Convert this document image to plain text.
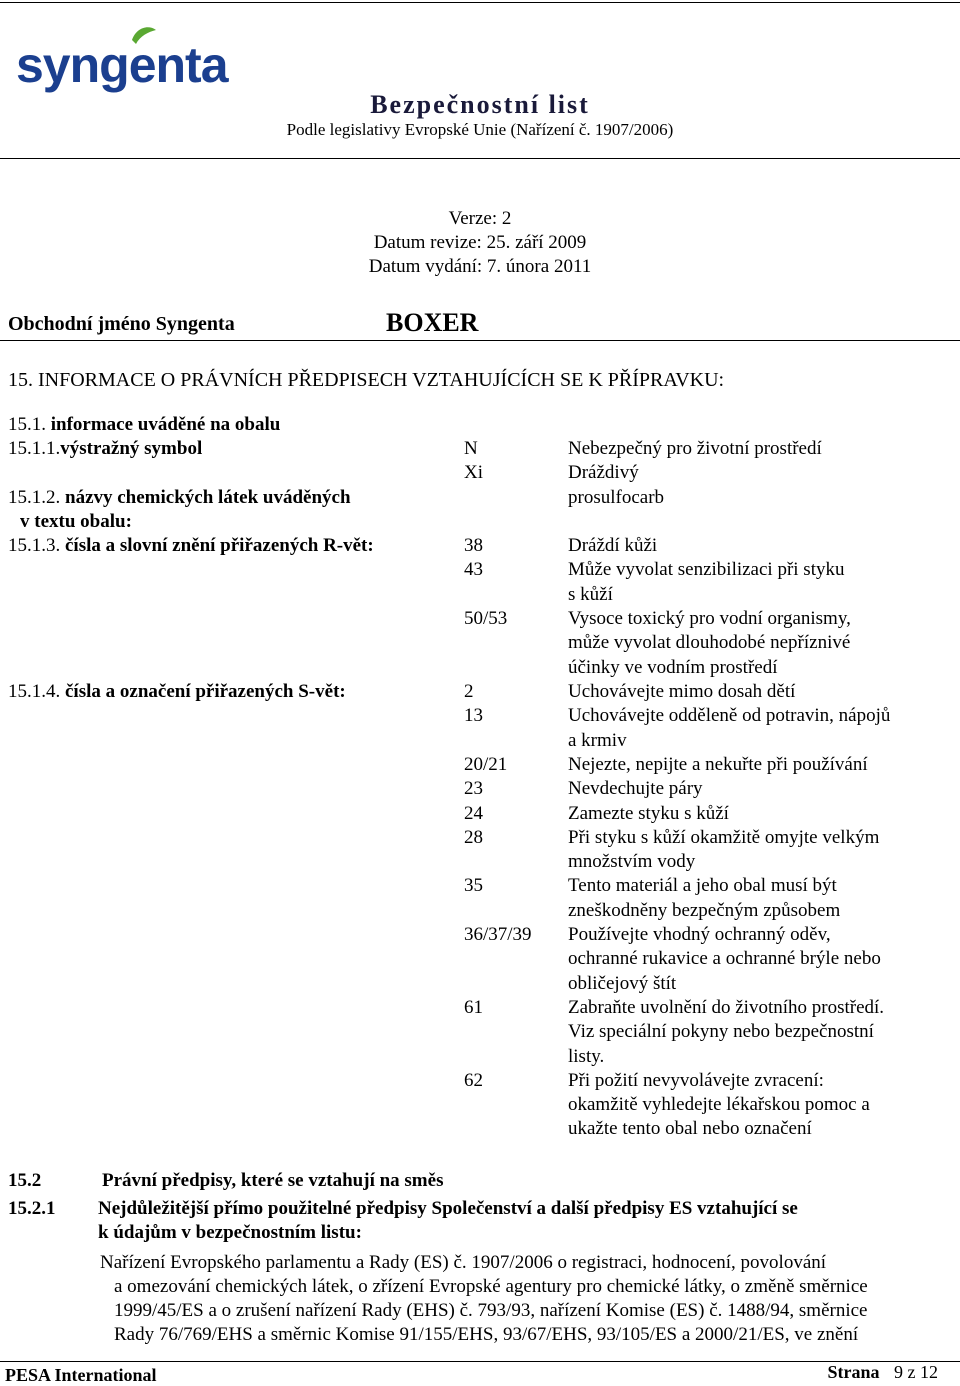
syngenta
Bezpečnostní list
Podle legislativy Evropské Unie (Nařízení č. 1907/2006)
Verze: 2
Datum revize: 25. září 2009
Datum vydání: 7. února 2011
Obchodní jméno Syngenta	BOXER
15. INFORMACE O PRÁVNÍCH PŘEDPISECH VZTAHUJÍCÍCH SE K PŘÍPRAVKU:
15.1. informace uváděné na obalu
15.1.1.výstražný symbol	N	Nebezpečný pro životní prostředí
Xi	Dráždivý
15.1.2. názvy chemických látek uváděných
v textu obalu:
prosulfocarb
15.1.3. čísla a slovní znění přiřazených R-vět:	38	Dráždí kůži
43	Může vyvolat senzibilizaci při styku
s kůží
50/53	Vysoce toxický pro vodní organismy,
může vyvolat dlouhodobé nepříznivé
účinky ve vodním prostředí
15.1.4. čísla a označení přiřazených S-vět:	2	Uchovávejte mimo dosah dětí
13	Uchovávejte odděleně od potravin, nápojů
a krmiv
20/21	Nejezte, nepijte a nekuřte při používání
23	Nevdechujte páry
24	Zamezte styku s kůží
28	Při styku s kůží okamžitě omyjte velkým
množstvím vody
35	Tento materiál a jeho obal musí být
zneškodněny bezpečným způsobem
36/37/39 Používejte vhodný ochranný oděv,
ochranné rukavice a ochranné brýle nebo
obličejový štít
61	Zabraňte uvolnění do životního prostředí.
Viz speciální pokyny nebo bezpečnostní
listy.
62	Při požití nevyvolávejte zvracení:
okamžitě vyhledejte lékařskou pomoc a
ukažte tento obal nebo označení
15.2	Právní předpisy, které se vztahují na směs
15.2.1 Nejdůležitější přímo použitelné předpisy Společenství a další předpisy ES vztahující se
k údajům v bezpečnostním listu:
Nařízení Evropského parlamentu a Rady (ES) č. 1907/2006 o registraci, hodnocení, povolování
a omezování chemických látek, o zřízení Evropské agentury pro chemické látky, o změně směrnice
1999/45/ES a o zrušení nařízení Rady (EHS) č. 793/93, nařízení Komise (ES) č. 1488/94, směrnice
Rady 76/769/EHS a směrnic Komise 91/155/EHS, 93/67/EHS, 93/105/ES a 2000/21/ES, ve znění
PESA International	Strana 9 z 12
